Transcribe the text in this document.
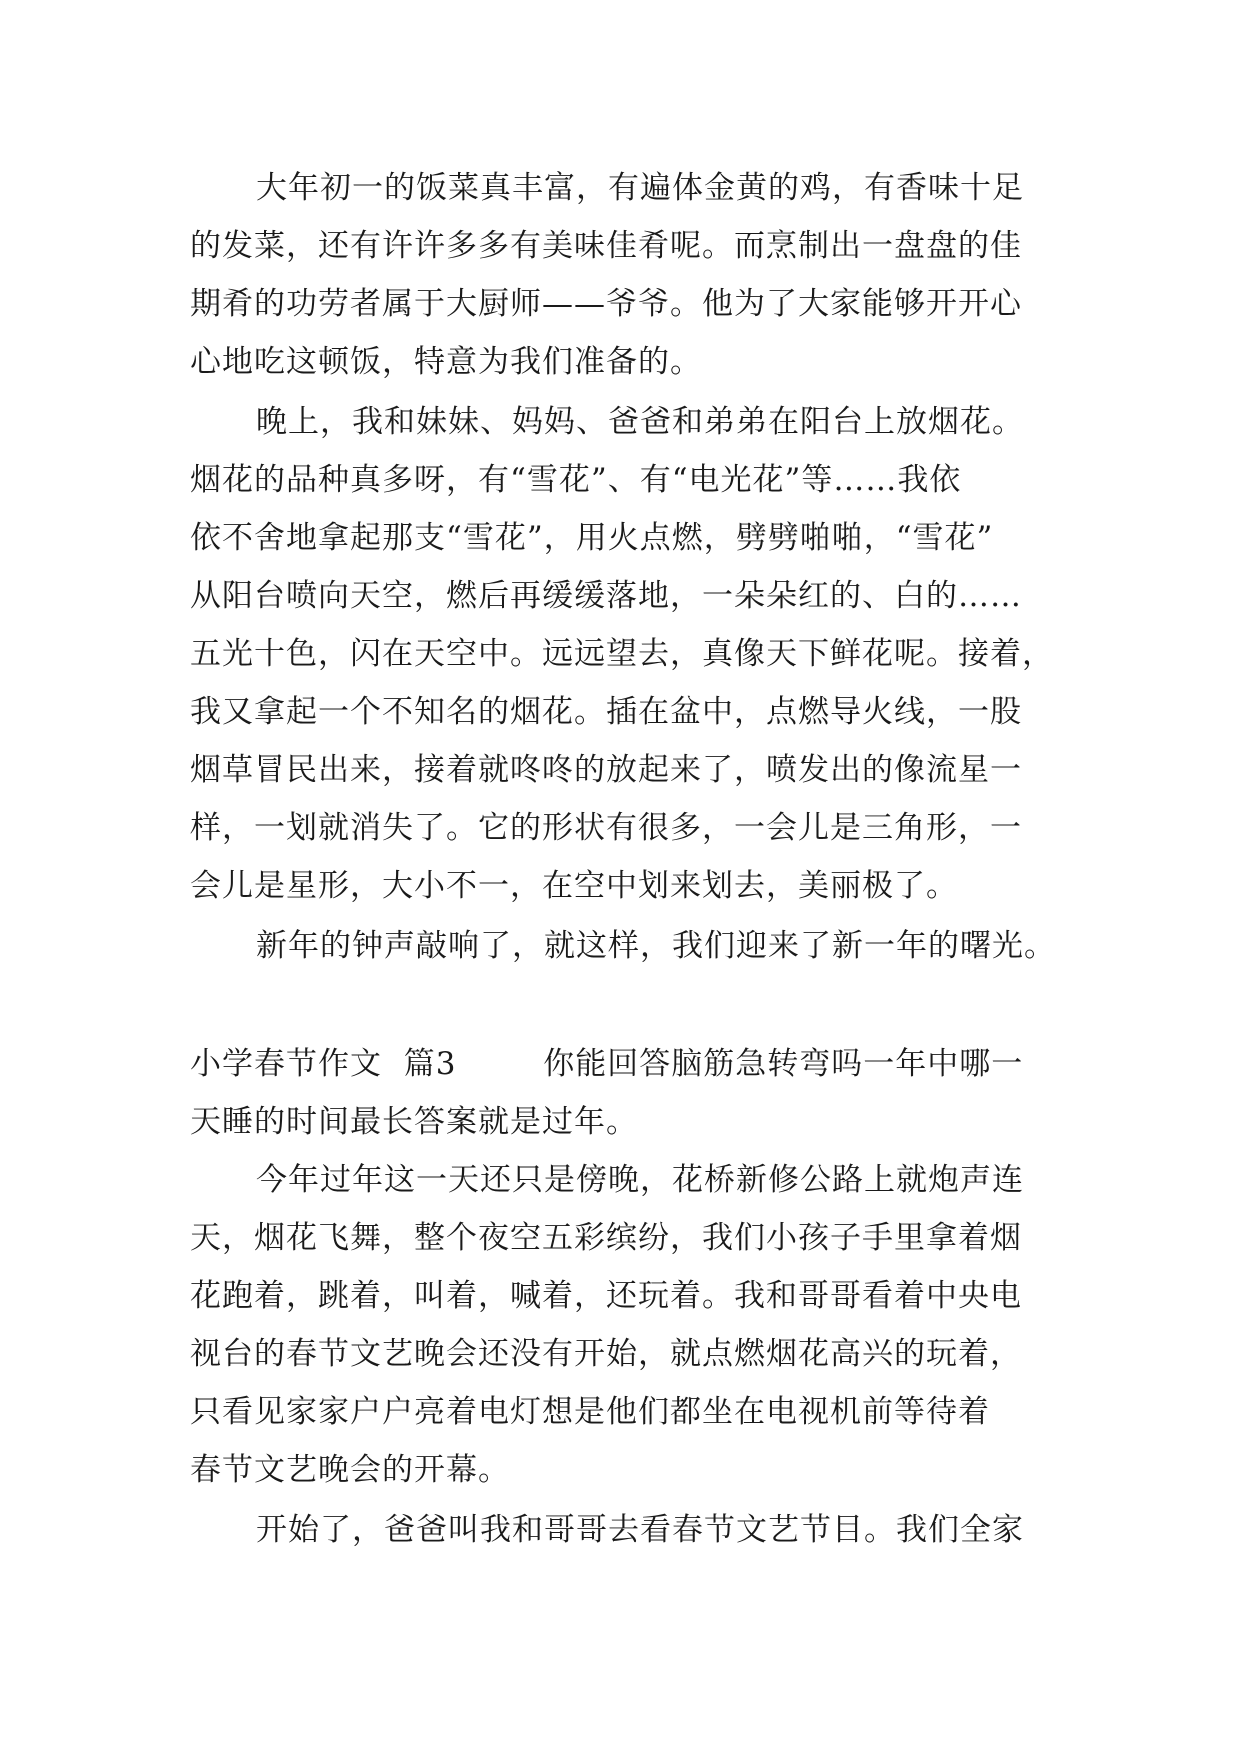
大年初一的饭菜真丰富，有遍体金黄的鸡，有香味十足
的发菜，还有许许多多有美味佳肴呢。而烹制出一盘盘的佳
期肴的功劳者属于大厨师——爷爷。他为了大家能够开开心
心地吃这顿饭，特意为我们准备的。
晚上，我和妹妹、妈妈、爸爸和弟弟在阳台上放烟花。
烟花的品种真多呀，有“雪花”、有“电光花”等……我依
依不舍地拿起那支“雪花”，用火点燃，劈劈啪啪，“雪花”
从阳台喷向天空，燃后再缓缓落地，一朵朵红的、白的……
五光十色，闪在天空中。远远望去，真像天下鲜花呢。接着，
我又拿起一个不知名的烟花。插在盆中，点燃导火线，一股
烟草冒民出来，接着就咚咚的放起来了，喷发出的像流星一
样，一划就消失了。它的形状有很多，一会儿是三角形，一
会儿是星形，大小不一，在空中划来划去，美丽极了。
新年的钟声敲响了，就这样，我们迎来了新一年的曙光。
小学春节作文  篇3        你能回答脑筋急转弯吗一年中哪一
天睡的时间最长答案就是过年。
今年过年这一天还只是傍晚，花桥新修公路上就炮声连
天，烟花飞舞，整个夜空五彩缤纷，我们小孩子手里拿着烟
花跑着，跳着，叫着，喊着，还玩着。我和哥哥看着中央电
视台的春节文艺晚会还没有开始，就点燃烟花高兴的玩着，
只看见家家户户亮着电灯想是他们都坐在电视机前等待着
春节文艺晚会的开幕。
开始了，爸爸叫我和哥哥去看春节文艺节目。我们全家
